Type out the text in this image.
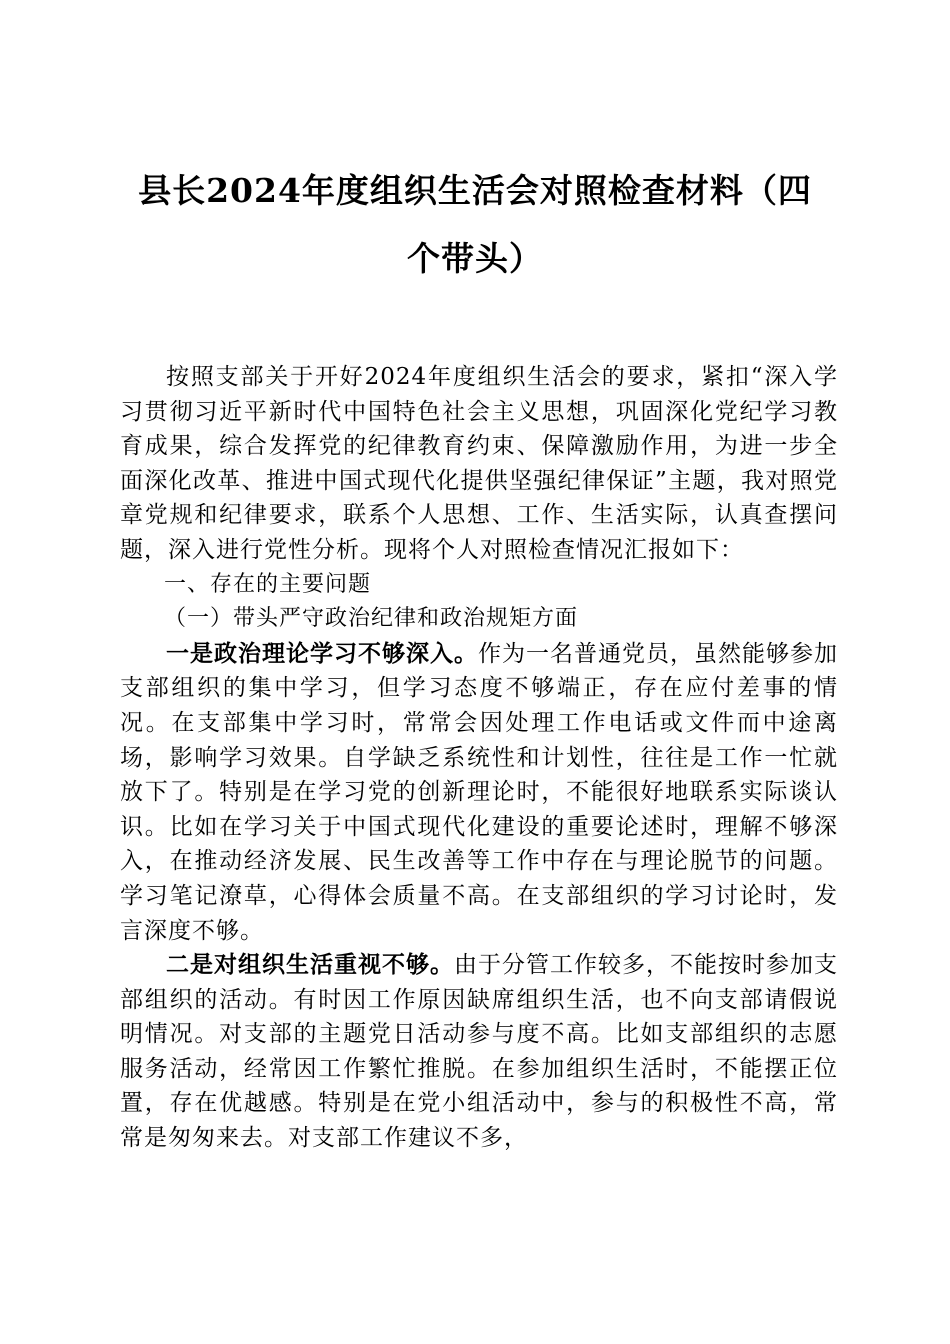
县长2024年度组织生活会对照检查材料（四
个带头）

按照支部关于开好2024年度组织生活会的要求，紧扣“深入学习贯彻习近平新时代中国特色社会主义思想，巩固深化党纪学习教育成果，综合发挥党的纪律教育约束、保障激励作用，为进一步全面深化改革、推进中国式现代化提供坚强纪律保证”主题，我对照党章党规和纪律要求，联系个人思想、工作、生活实际，认真查摆问题，深入进行党性分析。现将个人对照检查情况汇报如下：

一、存在的主要问题

（一）带头严守政治纪律和政治规矩方面

一是政治理论学习不够深入。作为一名普通党员，虽然能够参加支部组织的集中学习，但学习态度不够端正，存在应付差事的情况。在支部集中学习时，常常会因处理工作电话或文件而中途离场，影响学习效果。自学缺乏系统性和计划性，往往是工作一忙就放下了。特别是在学习党的创新理论时，不能很好地联系实际谈认识。比如在学习关于中国式现代化建设的重要论述时，理解不够深入，在推动经济发展、民生改善等工作中存在与理论脱节的问题。学习笔记潦草，心得体会质量不高。在支部组织的学习讨论时，发言深度不够。

二是对组织生活重视不够。由于分管工作较多，不能按时参加支部组织的活动。有时因工作原因缺席组织生活，也不向支部请假说明情况。对支部的主题党日活动参与度不高。比如支部组织的志愿服务活动，经常因工作繁忙推脱。在参加组织生活时，不能摆正位置，存在优越感。特别是在党小组活动中，参与的积极性不高，常常是匆匆来去。对支部工作建议不多，
